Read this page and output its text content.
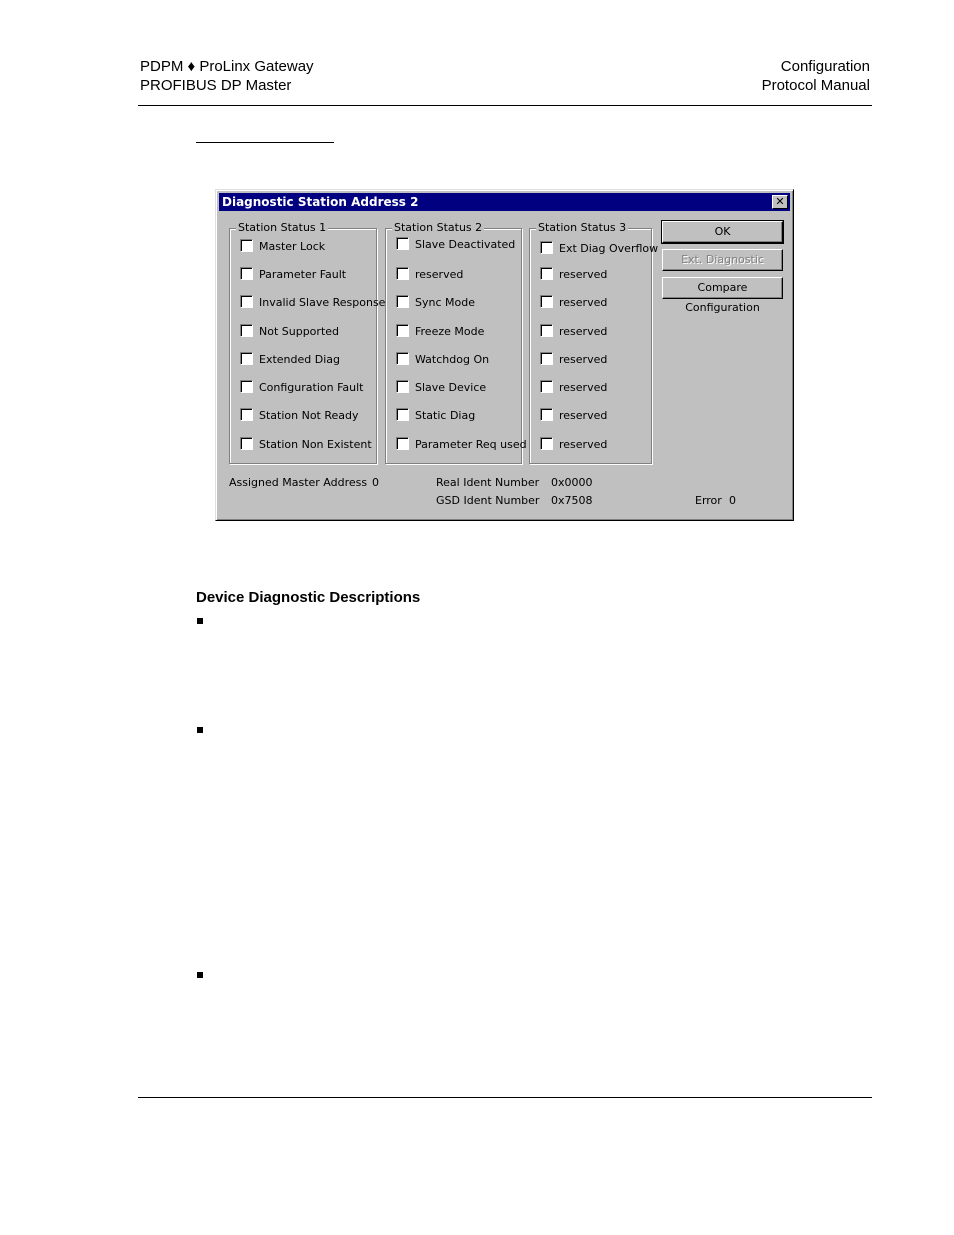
PDPM ♦ ProLinx Gateway
PROFIBUS DP Master
Configuration
Protocol Manual
Diagnostic Station Address 2	✕
Station Status 1
Master Lock
Parameter Fault
Invalid Slave Response
Not Supported
Extended Diag
Configuration Fault
Station Not Ready
Station Non Existent
Station Status 2
Slave Deactivated
reserved
Sync Mode
Freeze Mode
Watchdog On
Slave Device
Static Diag
Parameter Req used
Station Status 3
Ext Diag Overflow
reserved
reserved
reserved
reserved
reserved
reserved
reserved
OK
Ext. Diagnostic
Compare Configuration
Assigned Master Address 0	Real Ident Number 0x0000
GSD Ident Number 0x7508	Error 0
Device Diagnostic Descriptions
